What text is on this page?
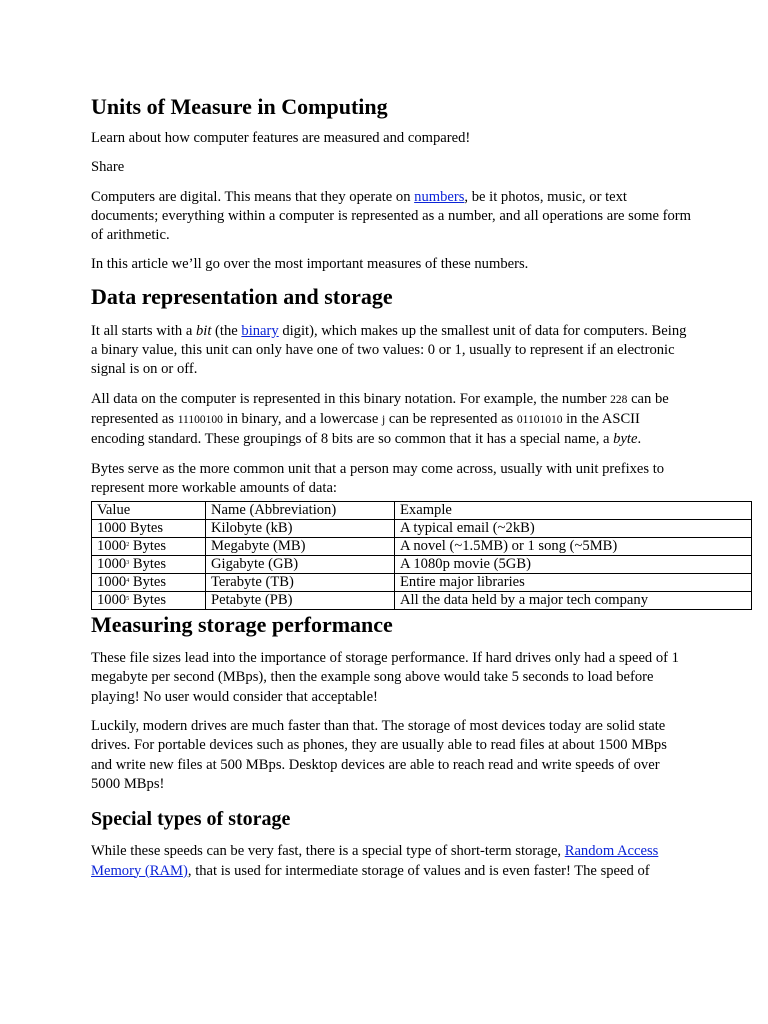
Units of Measure in Computing

Learn about how computer features are measured and compared!

Share

Computers are digital. This means that they operate on numbers, be it photos, music, or text documents; everything within a computer is represented as a number, and all operations are some form of arithmetic.

In this article we’ll go over the most important measures of these numbers.

Data representation and storage

It all starts with a bit (the binary digit), which makes up the smallest unit of data for computers. Being a binary value, this unit can only have one of two values: 0 or 1, usually to represent if an electronic signal is on or off.

All data on the computer is represented in this binary notation. For example, the number 228 can be represented as 11100100 in binary, and a lowercase j can be represented as 01101010 in the ASCII encoding standard. These groupings of 8 bits are so common that it has a special name, a byte.

Bytes serve as the more common unit that a person may come across, usually with unit prefixes to represent more workable amounts of data:

Value	Name (Abbreviation)	Example
1000 Bytes	Kilobyte (kB)	A typical email (~2kB)
1000$^2$ Bytes	Megabyte (MB)	A novel (~1.5MB) or 1 song (~5MB)
1000$^3$ Bytes	Gigabyte (GB)	A 1080p movie (5GB)
1000$^4$ Bytes	Terabyte (TB)	Entire major libraries
1000$^5$ Bytes	Petabyte (PB)	All the data held by a major tech company
Measuring storage performance

These file sizes lead into the importance of storage performance. If hard drives only had a speed of 1 megabyte per second (MBps), then the example song above would take 5 seconds to load before playing! No user would consider that acceptable!

Luckily, modern drives are much faster than that. The storage of most devices today are solid state drives. For portable devices such as phones, they are usually able to read files at about 1500 MBps and write new files at 500 MBps. Desktop devices are able to reach read and write speeds of over 5000 MBps!

Special types of storage

While these speeds can be very fast, there is a special type of short-term storage, Random Access Memory (RAM), that is used for intermediate storage of values and is even faster! The speed of
